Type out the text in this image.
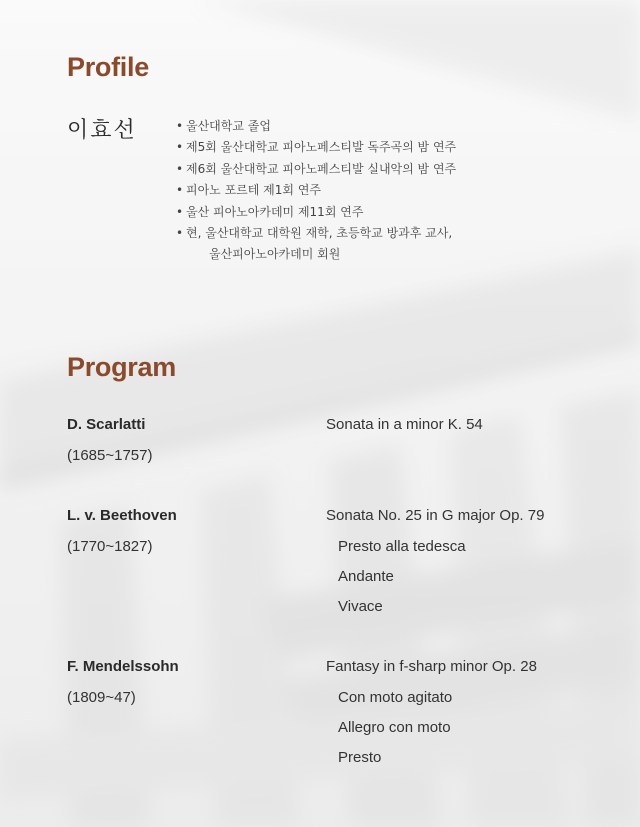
Profile
이효선	• 울산대학교 졸업
• 제5회 울산대학교 피아노페스티발 독주곡의 밤 연주
• 제6회 울산대학교 피아노페스티발 실내악의 밤 연주
• 피아노 포르테 제1회 연주
• 울산 피아노아카데미 제11회 연주
• 현, 울산대학교 대학원 재학, 초등학교 방과후 교사,
울산피아노아카데미 회원
Program
D. Scarlatti
(1685~1757)
Sonata in a minor K. 54
L. v. Beethoven
(1770~1827)
Sonata No. 25 in G major Op. 79
Presto alla tedesca
Andante
Vivace
F. Mendelssohn
(1809~47)
Fantasy in f-sharp minor Op. 28
Con moto agitato
Allegro con moto
Presto
